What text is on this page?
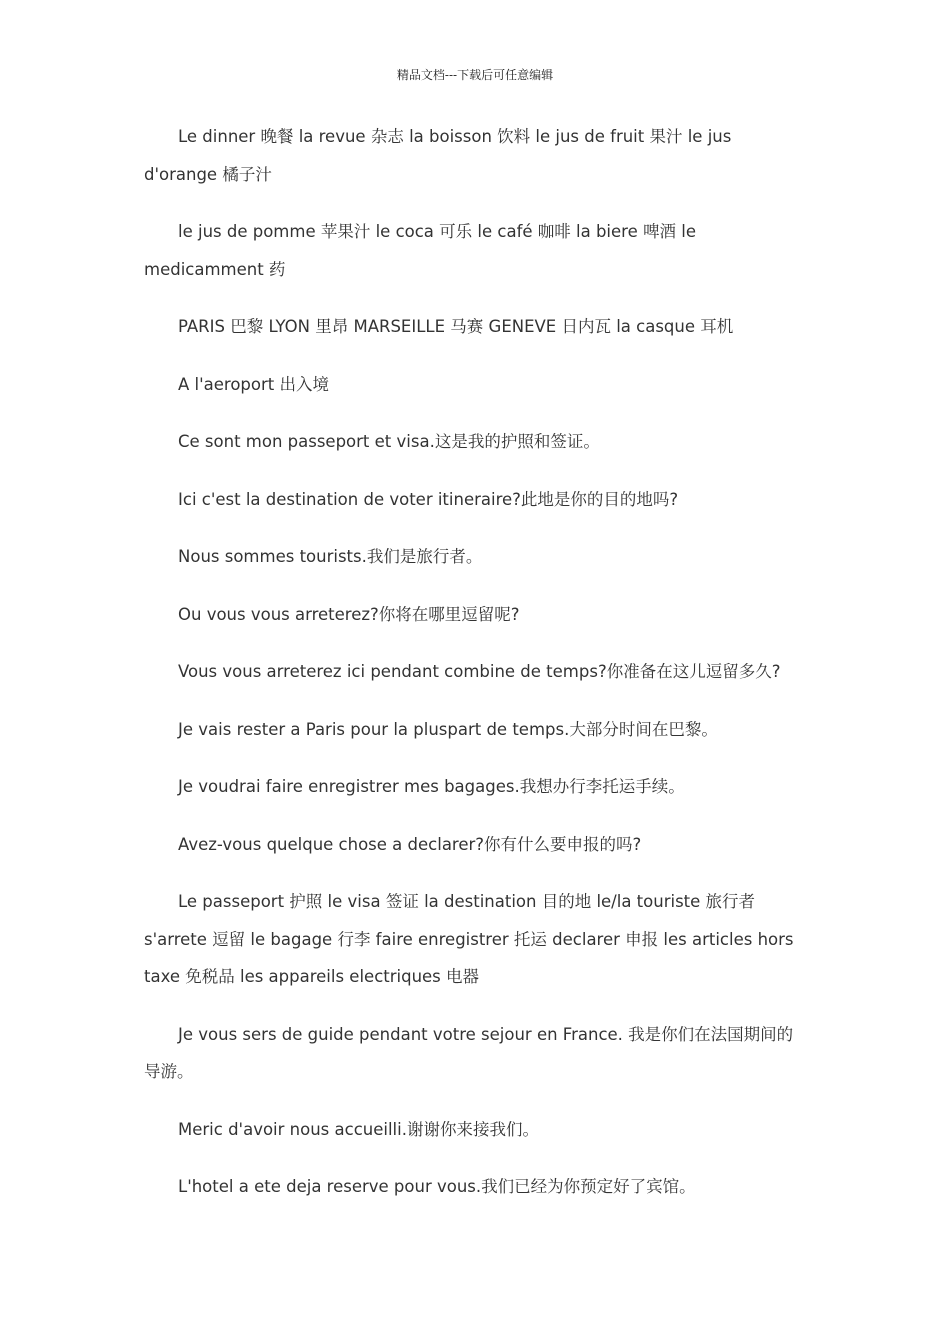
精品文档---下载后可任意编辑

Le dinner 晚餐 la revue 杂志 la boisson 饮料 le jus de fruit 果汁 le jus d'orange 橘子汁

le jus de pomme 苹果汁 le coca 可乐 le café 咖啡 la biere 啤酒 le medicamment 药

PARIS 巴黎 LYON 里昂 MARSEILLE 马赛 GENEVE 日内瓦 la casque 耳机

A l'aeroport 出入境

Ce sont mon passeport et visa.这是我的护照和签证。

Ici c'est la destination de voter itineraire?此地是你的目的地吗?

Nous sommes tourists.我们是旅行者。

Ou vous vous arreterez?你将在哪里逗留呢?

Vous vous arreterez ici pendant combine de temps?你准备在这儿逗留多久?

Je vais rester a Paris pour la pluspart de temps.大部分时间在巴黎。

Je voudrai faire enregistrer mes bagages.我想办行李托运手续。

Avez-vous quelque chose a declarer?你有什么要申报的吗?

Le passeport 护照 le visa 签证 la destination 目的地 le/la touriste 旅行者 s'arrete 逗留 le bagage 行李 faire enregistrer 托运 declarer 申报 les articles hors taxe 免税品 les appareils electriques 电器

Je vous sers de guide pendant votre sejour en France. 我是你们在法国期间的导游。

Meric d'avoir nous accueilli.谢谢你来接我们。

L'hotel a ete deja reserve pour vous.我们已经为你预定好了宾馆。
